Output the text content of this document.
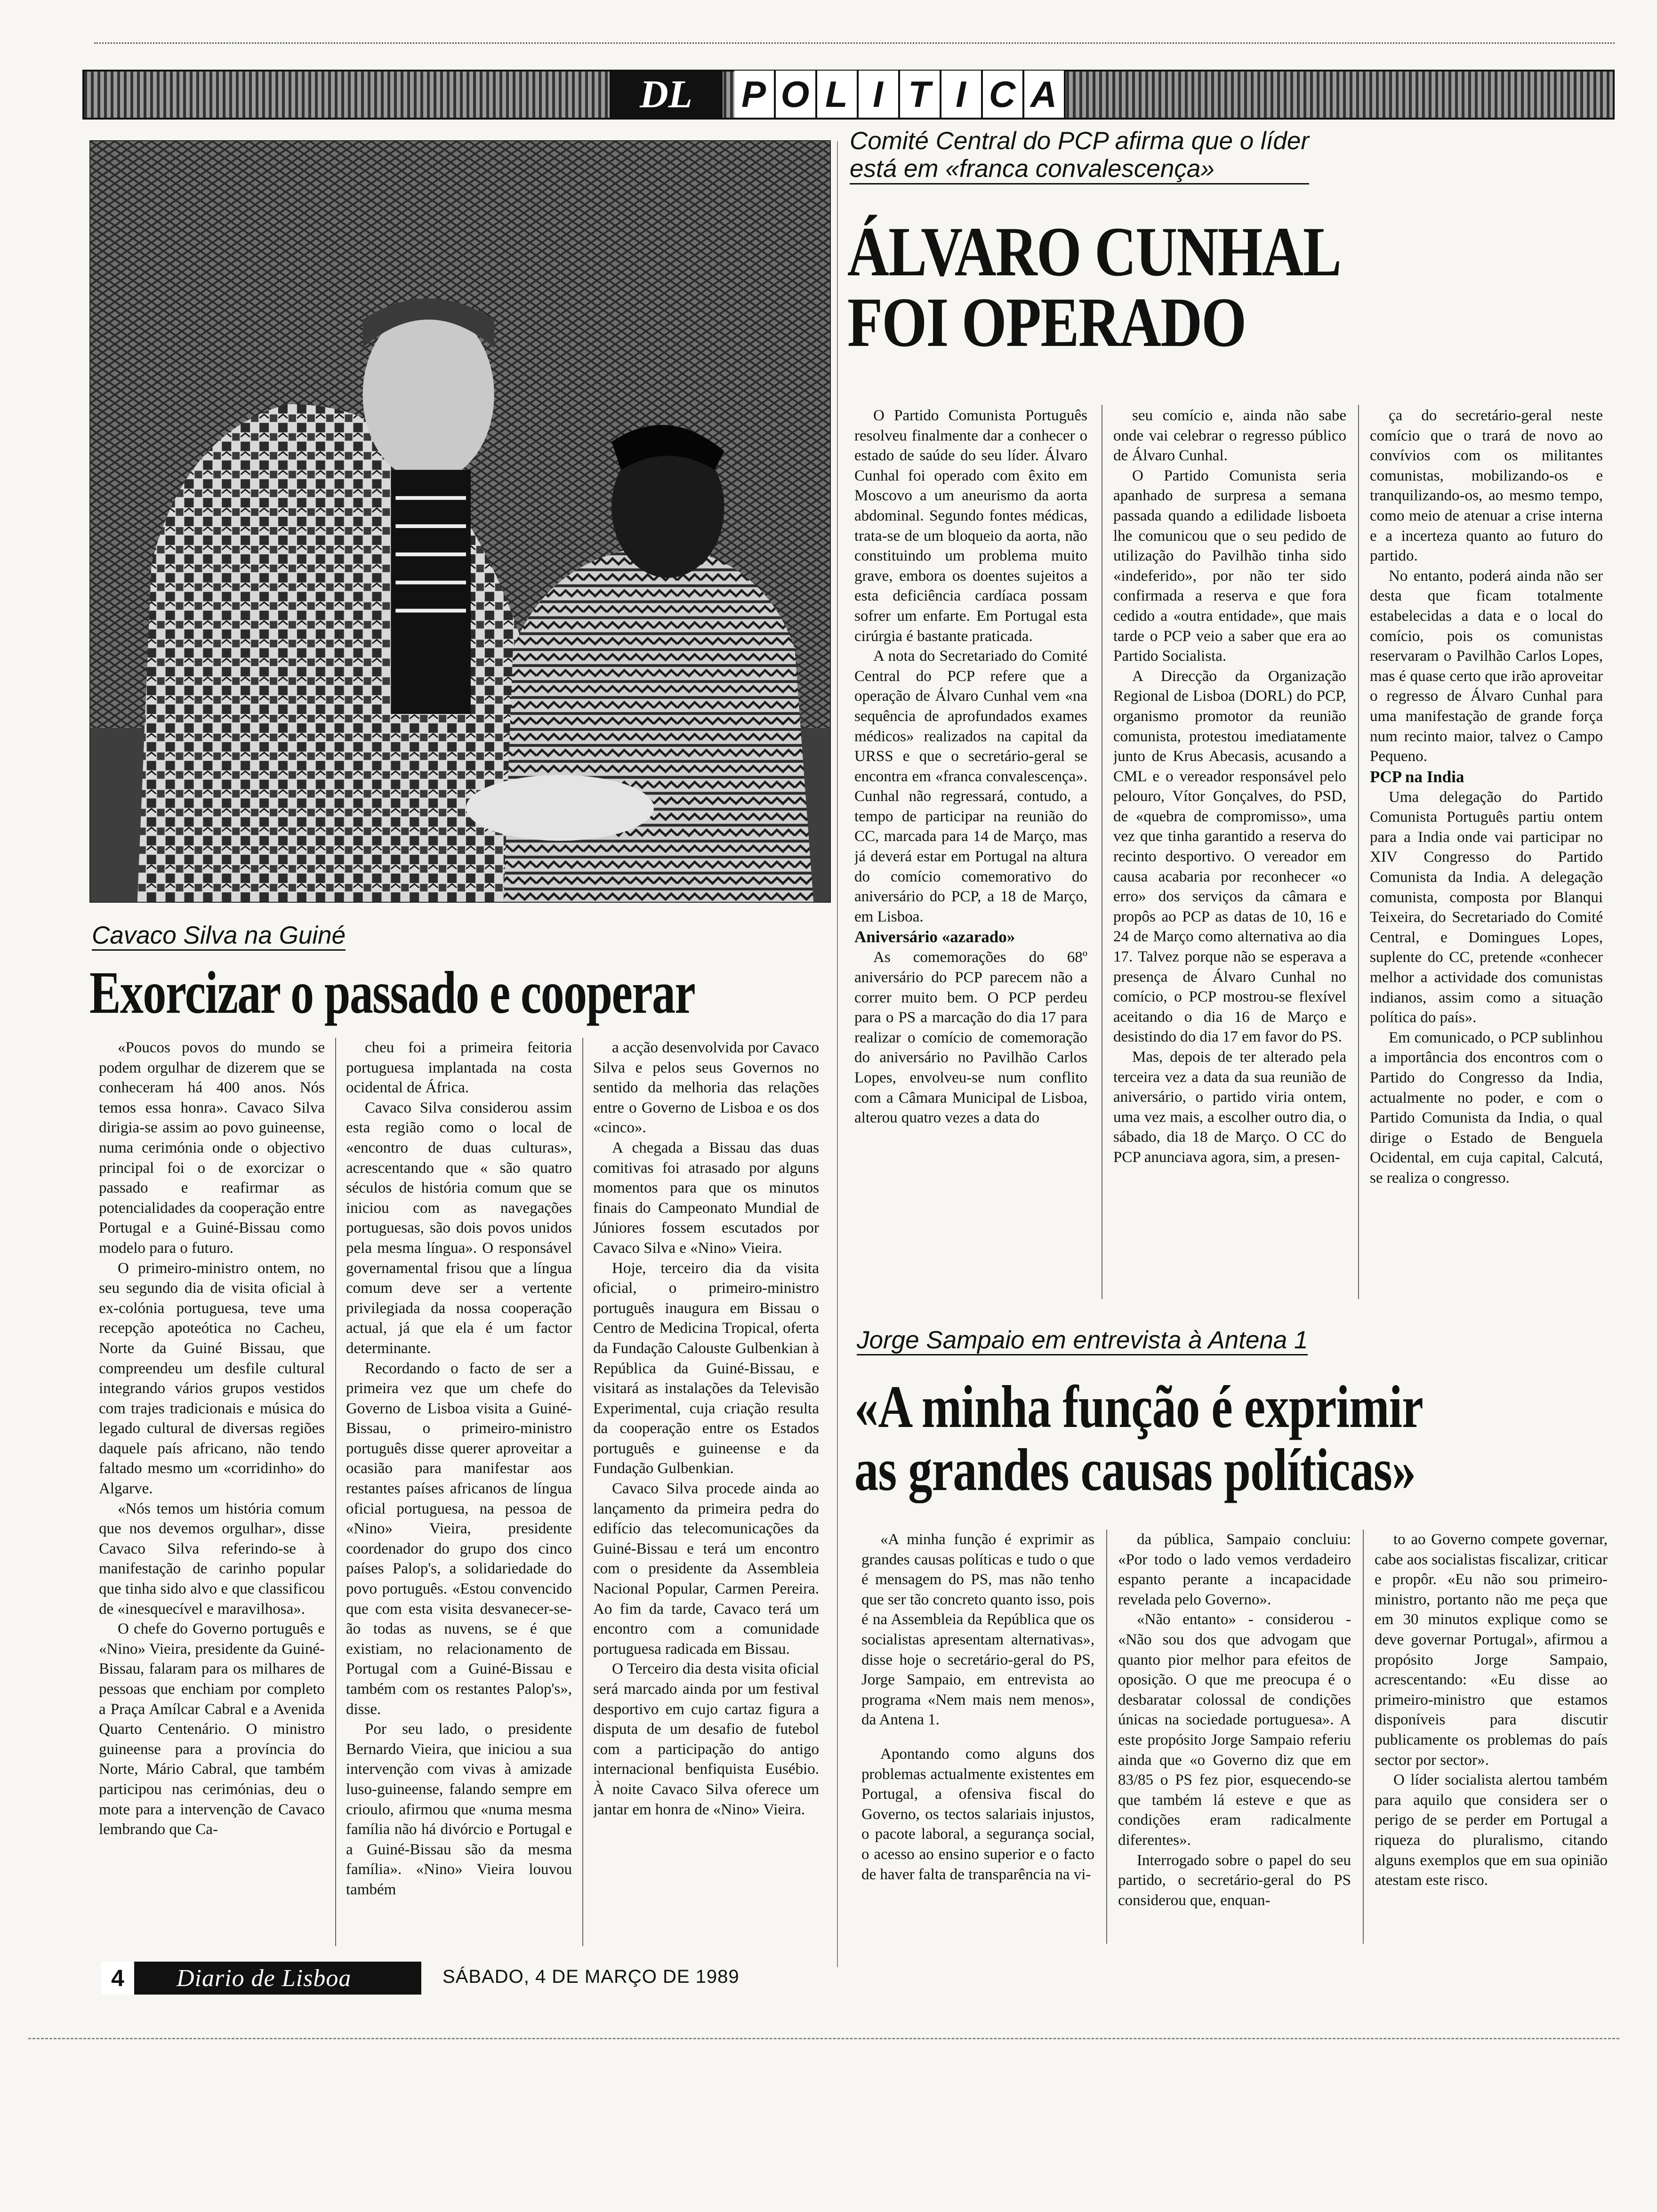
DL	P O L I T I C A
Comité Central do PCP afirma que o líder
está em «franca convalescença»
ÁLVARO CUNHAL
FOI OPERADO

O Partido Comunista Português resolveu finalmente dar a conhecer o estado de saúde do seu líder. Álvaro Cunhal foi operado com êxito em Moscovo a um aneurismo da aorta abdominal. Segundo fontes médicas, trata-se de um bloqueio da aorta, não constituindo um problema muito grave, embora os doentes sujeitos a esta deficiência cardíaca possam sofrer um enfarte. Em Portugal esta cirúrgia é bastante praticada.

A nota do Secretariado do Comité Central do PCP refere que a operação de Álvaro Cunhal vem «na sequência de aprofundados exames médicos» realizados na capital da URSS e que o secretário-geral se encontra em «franca convalescença». Cunhal não regressará, contudo, a tempo de participar na reunião do CC, marcada para 14 de Março, mas já deverá estar em Portugal na altura do comício comemorativo do aniversário do PCP, a 18 de Março, em Lisboa.

Aniversário «azarado»

As comemorações do 68º aniversário do PCP parecem não a correr muito bem. O PCP perdeu para o PS a marcação do dia 17 para realizar o comício de comemoração do aniversário no Pavilhão Carlos Lopes, envolveu-se num conflito com a Câmara Municipal de Lisboa, alterou quatro vezes a data do

seu comício e, ainda não sabe onde vai celebrar o regresso público de Álvaro Cunhal.

O Partido Comunista seria apanhado de surpresa a semana passada quando a edilidade lisboeta lhe comunicou que o seu pedido de utilização do Pavilhão tinha sido «indeferido», por não ter sido confirmada a reserva e que fora cedido a «outra entidade», que mais tarde o PCP veio a saber que era ao Partido Socialista.

A Direcção da Organização Regional de Lisboa (DORL) do PCP, organismo promotor da reunião comunista, protestou imediatamente junto de Krus Abecasis, acusando a CML e o vereador responsável pelo pelouro, Vítor Gonçalves, do PSD, de «quebra de compromisso», uma vez que tinha garantido a reserva do recinto desportivo. O vereador em causa acabaria por reconhecer «o erro» dos serviços da câmara e propôs ao PCP as datas de 10, 16 e 24 de Março como alternativa ao dia 17. Talvez porque não se esperava a presença de Álvaro Cunhal no comício, o PCP mostrou-se flexível aceitando o dia 16 de Março e desistindo do dia 17 em favor do PS.

Mas, depois de ter alterado pela terceira vez a data da sua reunião de aniversário, o partido viria ontem, uma vez mais, a escolher outro dia, o sábado, dia 18 de Março. O CC do PCP anunciava agora, sim, a presen-

ça do secretário-geral neste comício que o trará de novo ao convívios com os militantes comunistas, mobilizando-os e tranquilizando-os, ao mesmo tempo, como meio de atenuar a crise interna e a incerteza quanto ao futuro do partido.

No entanto, poderá ainda não ser desta que ficam totalmente estabelecidas a data e o local do comício, pois os comunistas reservaram o Pavilhão Carlos Lopes, mas é quase certo que irão aproveitar o regresso de Álvaro Cunhal para uma manifestação de grande força num recinto maior, talvez o Campo Pequeno.

PCP na India

Uma delegação do Partido Comunista Português partiu ontem para a India onde vai participar no XIV Congresso do Partido Comunista da India. A delegação comunista, composta por Blanqui Teixeira, do Secretariado do Comité Central, e Domingues Lopes, suplente do CC, pretende «conhecer melhor a actividade dos comunistas indianos, assim como a situação política do país».

Em comunicado, o PCP sublinhou a importância dos encontros com o Partido do Congresso da India, actualmente no poder, e com o Partido Comunista da India, o qual dirige o Estado de Benguela Ocidental, em cuja capital, Calcutá, se realiza o congresso.

Cavaco Silva na Guiné
Exorcizar o passado e cooperar

«Poucos povos do mundo se podem orgulhar de dizerem que se conheceram há 400 anos. Nós temos essa honra». Cavaco Silva dirigia-se assim ao povo guineense, numa cerimónia onde o objectivo principal foi o de exorcizar o passado e reafirmar as potencialidades da cooperação entre Portugal e a Guiné-Bissau como modelo para o futuro.

O primeiro-ministro ontem, no seu segundo dia de visita oficial à ex-colónia portuguesa, teve uma recepção apoteótica no Cacheu, Norte da Guiné Bissau, que compreendeu um desfile cultural integrando vários grupos vestidos com trajes tradicionais e música do legado cultural de diversas regiões daquele país africano, não tendo faltado mesmo um «corridinho» do Algarve.

«Nós temos um história comum que nos devemos orgulhar», disse Cavaco Silva referindo-se à manifestação de carinho popular que tinha sido alvo e que classificou de «inesquecível e maravilhosa».

O chefe do Governo português e «Nino» Vieira, presidente da Guiné-Bissau, falaram para os milhares de pessoas que enchiam por completo a Praça Amílcar Cabral e a Avenida Quarto Centenário. O ministro guineense para a província do Norte, Mário Cabral, que também participou nas cerimónias, deu o mote para a intervenção de Cavaco lembrando que Ca-

cheu foi a primeira feitoria portuguesa implantada na costa ocidental de África.

Cavaco Silva considerou assim esta região como o local de «encontro de duas culturas», acrescentando que « são quatro séculos de história comum que se iniciou com as navegações portuguesas, são dois povos unidos pela mesma língua». O responsável governamental frisou que a língua comum deve ser a vertente privilegiada da nossa cooperação actual, já que ela é um factor determinante.

Recordando o facto de ser a primeira vez que um chefe do Governo de Lisboa visita a Guiné-Bissau, o primeiro-ministro português disse querer aproveitar a ocasião para manifestar aos restantes países africanos de língua oficial portuguesa, na pessoa de «Nino» Vieira, presidente coordenador do grupo dos cinco países Palop's, a solidariedade do povo português. «Estou convencido que com esta visita desvanecer-se-ão todas as nuvens, se é que existiam, no relacionamento de Portugal com a Guiné-Bissau e também com os restantes Palop's», disse.

Por seu lado, o presidente Bernardo Vieira, que iniciou a sua intervenção com vivas à amizade luso-guineense, falando sempre em crioulo, afirmou que «numa mesma família não há divórcio e Portugal e a Guiné-Bissau são da mesma família». «Nino» Vieira louvou também

a acção desenvolvida por Cavaco Silva e pelos seus Governos no sentido da melhoria das relações entre o Governo de Lisboa e os dos «cinco».

A chegada a Bissau das duas comitivas foi atrasado por alguns momentos para que os minutos finais do Campeonato Mundial de Júniores fossem escutados por Cavaco Silva e «Nino» Vieira.

Hoje, terceiro dia da visita oficial, o primeiro-ministro português inaugura em Bissau o Centro de Medicina Tropical, oferta da Fundação Calouste Gulbenkian à República da Guiné-Bissau, e visitará as instalações da Televisão Experimental, cuja criação resulta da cooperação entre os Estados português e guineense e da Fundação Gulbenkian.

Cavaco Silva procede ainda ao lançamento da primeira pedra do edifício das telecomunicações da Guiné-Bissau e terá um encontro com o presidente da Assembleia Nacional Popular, Carmen Pereira. Ao fim da tarde, Cavaco terá um encontro com a comunidade portuguesa radicada em Bissau.

O Terceiro dia desta visita oficial será marcado ainda por um festival desportivo em cujo cartaz figura a disputa de um desafio de futebol com a participação do antigo internacional benfiquista Eusébio. À noite Cavaco Silva oferece um jantar em honra de «Nino» Vieira.

Jorge Sampaio em entrevista à Antena 1
«A minha função é exprimir
as grandes causas políticas»

«A minha função é exprimir as grandes causas políticas e tudo o que é mensagem do PS, mas não tenho que ser tão concreto quanto isso, pois é na Assembleia da República que os socialistas apresentam alternativas», disse hoje o secretário-geral do PS, Jorge Sampaio, em entrevista ao programa «Nem mais nem menos», da Antena 1.

Apontando como alguns dos problemas actualmente existentes em Portugal, a ofensiva fiscal do Governo, os tectos salariais injustos, o pacote laboral, a segurança social, o acesso ao ensino superior e o facto de haver falta de transparência na vi-

da pública, Sampaio concluiu: «Por todo o lado vemos verdadeiro espanto perante a incapacidade revelada pelo Governo».

«Não entanto» - considerou - «Não sou dos que advogam que quanto pior melhor para efeitos de oposição. O que me preocupa é o desbaratar colossal de condições únicas na sociedade portuguesa». A este propósito Jorge Sampaio referiu ainda que «o Governo diz que em 83/85 o PS fez pior, esquecendo-se que também lá esteve e que as condições eram radicalmente diferentes».

Interrogado sobre o papel do seu partido, o secretário-geral do PS considerou que, enquan-

to ao Governo compete governar, cabe aos socialistas fiscalizar, criticar e propôr. «Eu não sou primeiro-ministro, portanto não me peça que em 30 minutos explique como se deve governar Portugal», afirmou a propósito Jorge Sampaio, acrescentando: «Eu disse ao primeiro-ministro que estamos disponíveis para discutir publicamente os problemas do país sector por sector».

O líder socialista alertou também para aquilo que considera ser o perigo de se perder em Portugal a riqueza do pluralismo, citando alguns exemplos que em sua opinião atestam este risco.

4	Diario de Lisboa	SÁBADO, 4 DE MARÇO DE 1989
